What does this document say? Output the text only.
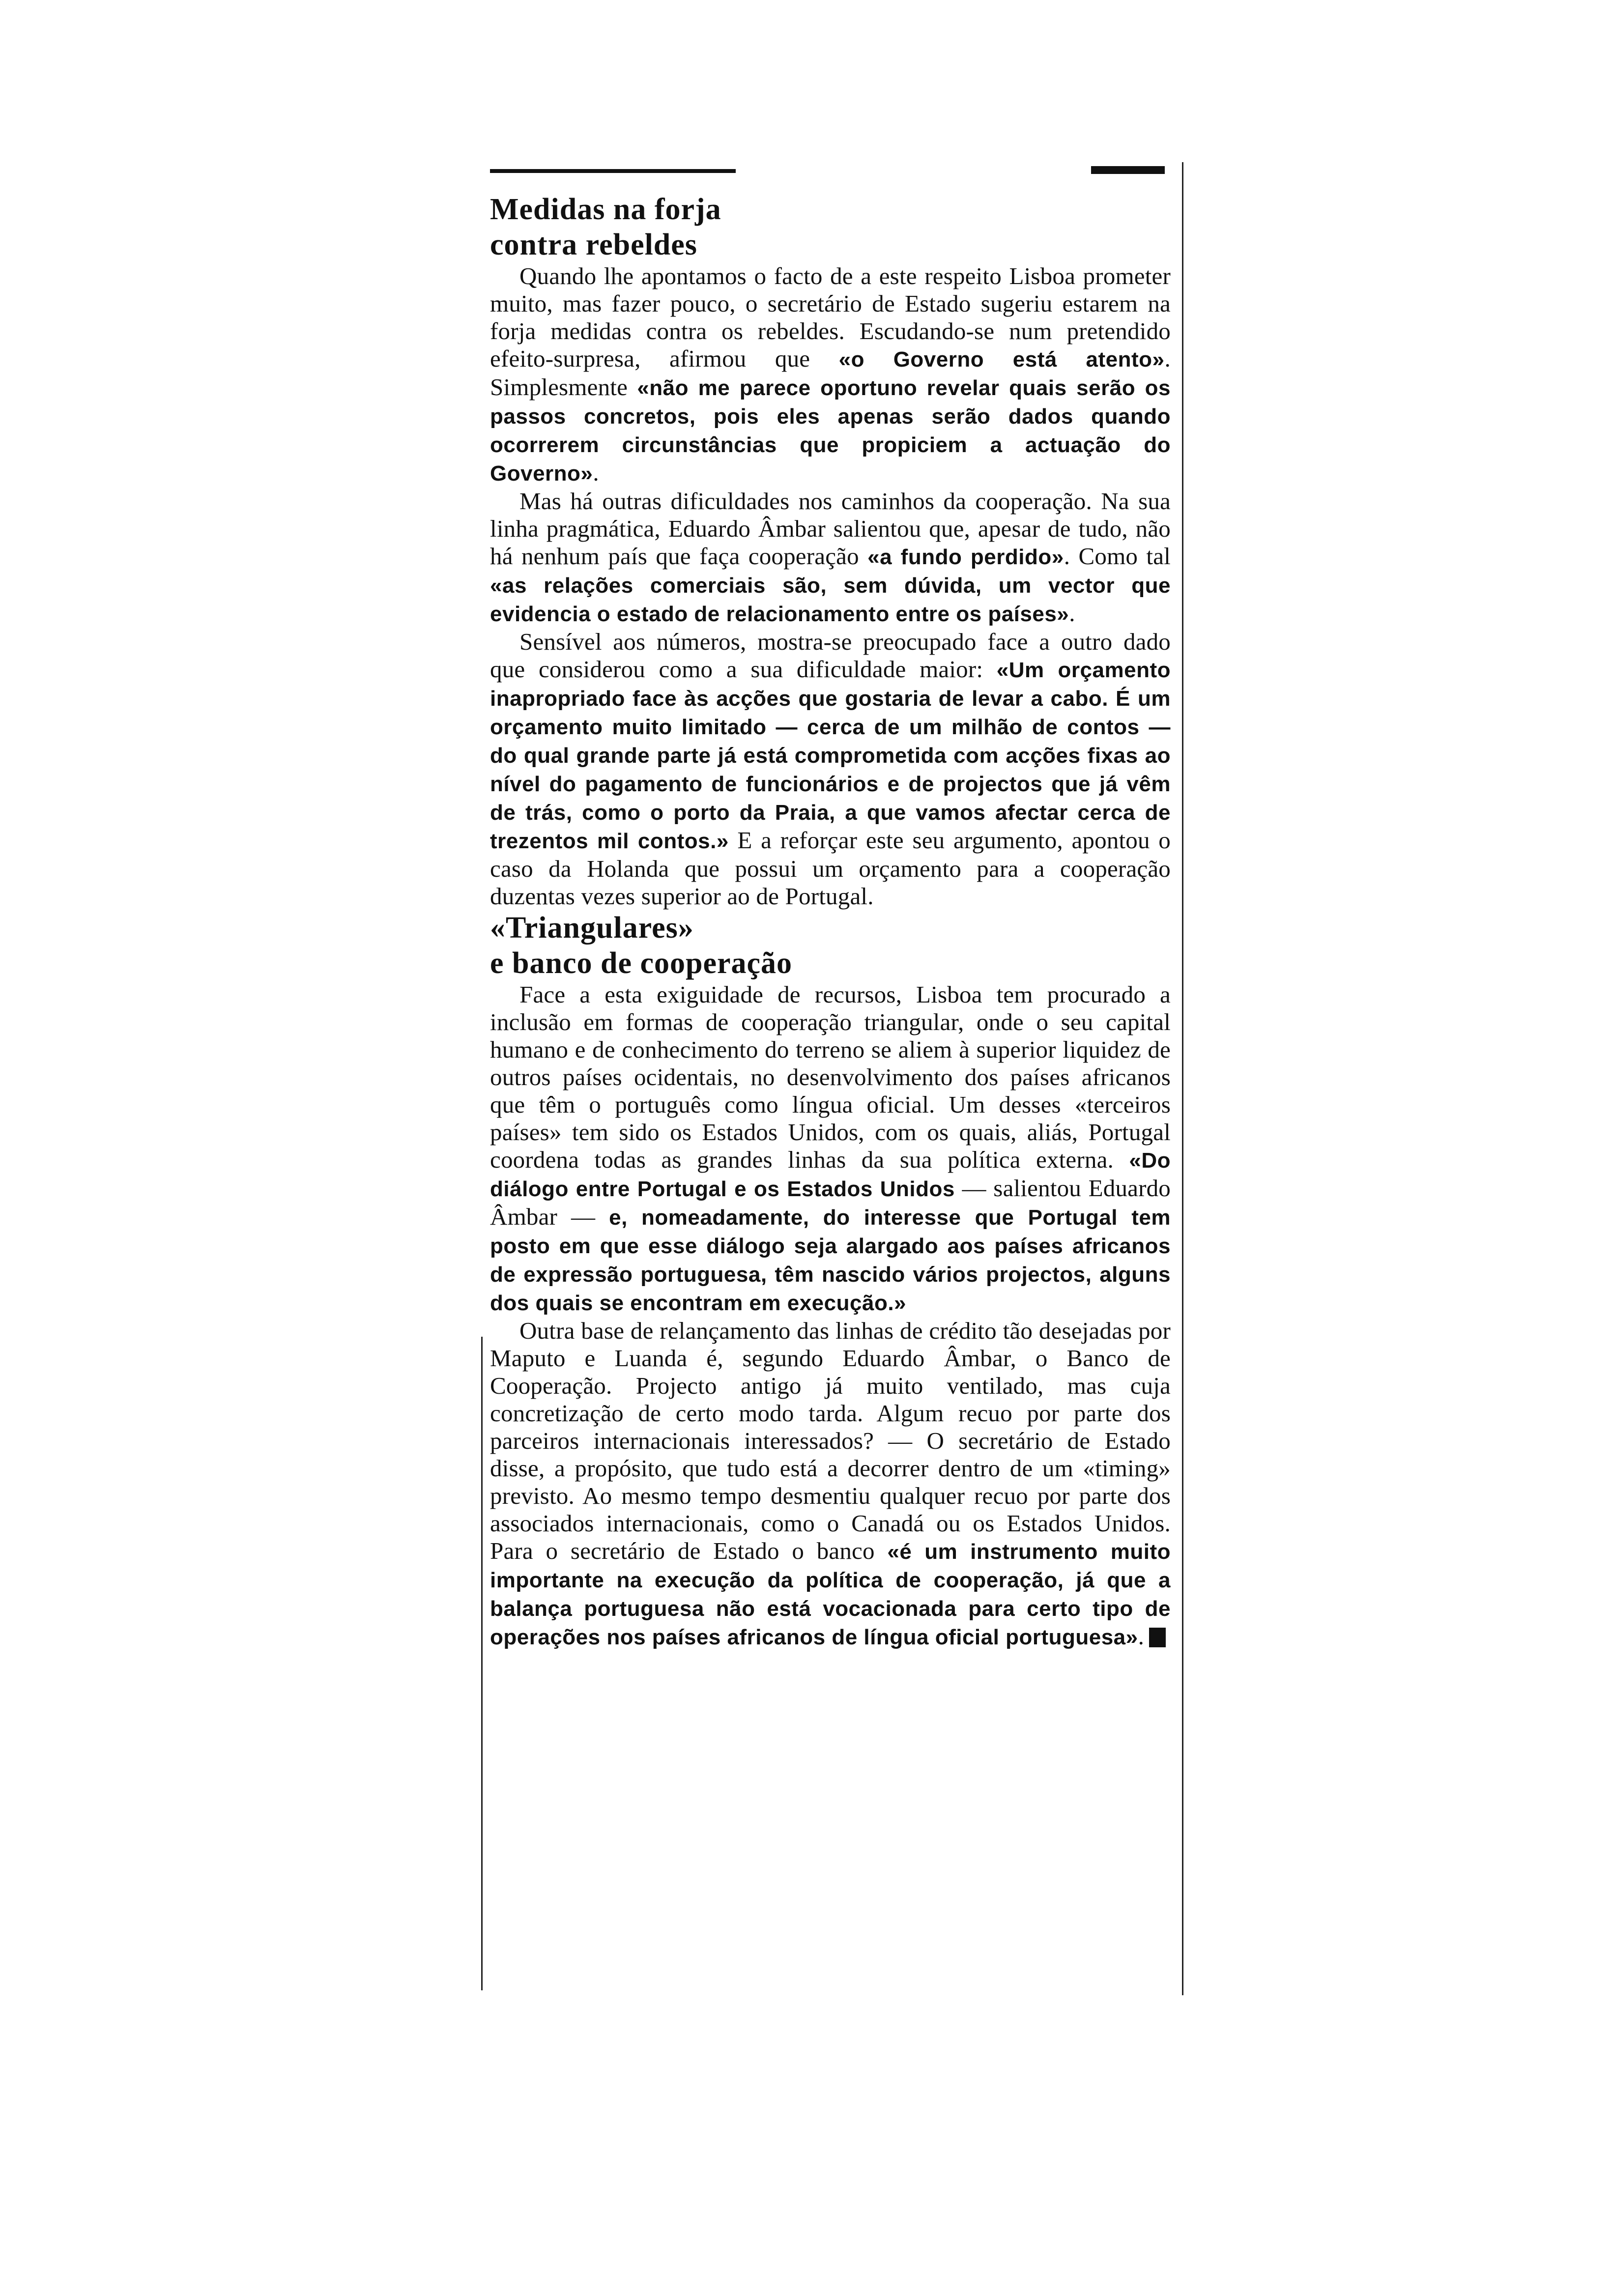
Medidas na forja
contra rebeldes

Quando lhe apontamos o facto de a este respeito Lisboa prometer muito, mas fazer pouco, o secretário de Estado sugeriu estarem na forja medidas contra os rebeldes. Escudando-se num pretendido efeito-surpresa, afirmou que «o Governo está atento». Simplesmente «não me parece oportuno revelar quais serão os passos concretos, pois eles apenas serão dados quando ocorrerem circunstâncias que propiciem a actuação do Governo».

Mas há outras dificuldades nos caminhos da cooperação. Na sua linha pragmática, Eduardo Âmbar salientou que, apesar de tudo, não há nenhum país que faça cooperação «a fundo perdido». Como tal «as relações comerciais são, sem dúvida, um vector que evidencia o estado de relacionamento entre os países».

Sensível aos números, mostra-se preocupado face a outro dado que considerou como a sua dificuldade maior: «Um orçamento inapropriado face às acções que gostaria de levar a cabo. É um orçamento muito limitado — cerca de um milhão de contos — do qual grande parte já está comprometida com acções fixas ao nível do pagamento de funcionários e de projectos que já vêm de trás, como o porto da Praia, a que vamos afectar cerca de trezentos mil contos.» E a reforçar este seu argumento, apontou o caso da Holanda que possui um orçamento para a cooperação duzentas vezes superior ao de Portugal.

«Triangulares»
e banco de cooperação

Face a esta exiguidade de recursos, Lisboa tem procurado a inclusão em formas de cooperação triangular, onde o seu capital humano e de conhecimento do terreno se aliem à superior liquidez de outros países ocidentais, no desenvolvimento dos países africanos que têm o português como língua oficial. Um desses «terceiros países» tem sido os Estados Unidos, com os quais, aliás, Portugal coordena todas as grandes linhas da sua política externa. «Do diálogo entre Portugal e os Estados Unidos — salientou Eduardo Âmbar — e, nomeadamente, do interesse que Portugal tem posto em que esse diálogo seja alargado aos países africanos de expressão portuguesa, têm nascido vários projectos, alguns dos quais se encontram em execução.»

Outra base de relançamento das linhas de crédito tão desejadas por Maputo e Luanda é, segundo Eduardo Âmbar, o Banco de Cooperação. Projecto antigo já muito ventilado, mas cuja concretização de certo modo tarda. Algum recuo por parte dos parceiros internacionais interessados? — O secretário de Estado disse, a propósito, que tudo está a decorrer dentro de um «timing» previsto. Ao mesmo tempo desmentiu qualquer recuo por parte dos associados internacionais, como o Canadá ou os Estados Unidos. Para o secretário de Estado o banco «é um instrumento muito importante na execução da política de cooperação, já que a balança portuguesa não está vocacionada para certo tipo de operações nos países africanos de língua oficial portuguesa».
